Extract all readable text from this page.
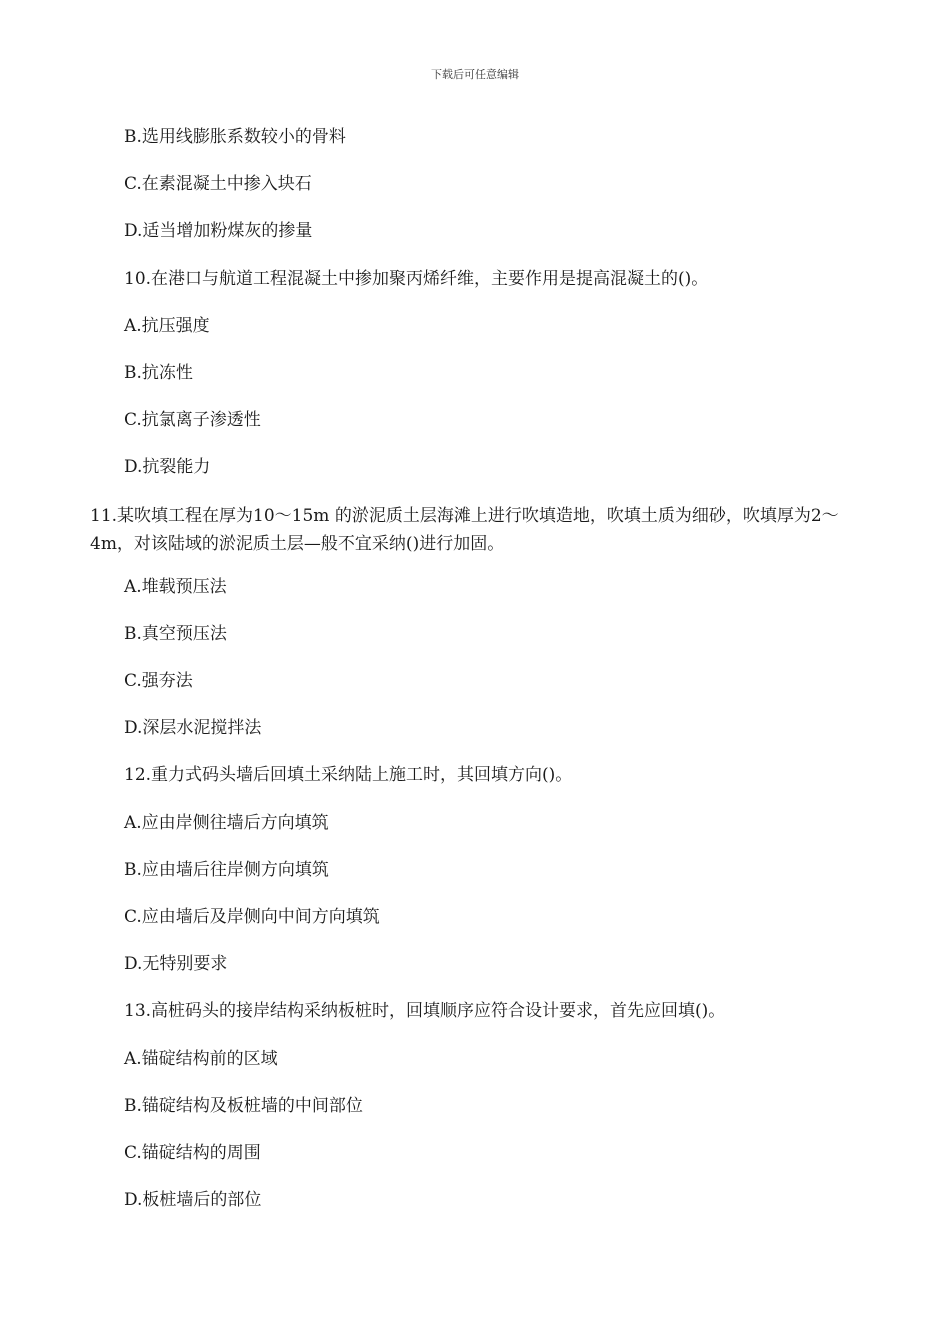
下载后可任意编辑
B.选用线膨胀系数较小的骨料
C.在素混凝土中掺入块石
D.适当增加粉煤灰的掺量
10.在港口与航道工程混凝土中掺加聚丙烯纤维，主要作用是提高混凝土的()。
A.抗压强度
B.抗冻性
C.抗氯离子渗透性
D.抗裂能力
11.某吹填工程在厚为10～15m 的淤泥质土层海滩上进行吹填造地，吹填土质为细砂，吹填厚为2～4m，对该陆域的淤泥质土层—般不宜采纳()进行加固。
A.堆载预压法
B.真空预压法
C.强夯法
D.深层水泥搅拌法
12.重力式码头墙后回填土采纳陆上施工时，其回填方向()。
A.应由岸侧往墙后方向填筑
B.应由墙后往岸侧方向填筑
C.应由墙后及岸侧向中间方向填筑
D.无特别要求
13.高桩码头的接岸结构采纳板桩时，回填顺序应符合设计要求，首先应回填()。
A.锚碇结构前的区域
B.锚碇结构及板桩墙的中间部位
C.锚碇结构的周围
D.板桩墙后的部位
